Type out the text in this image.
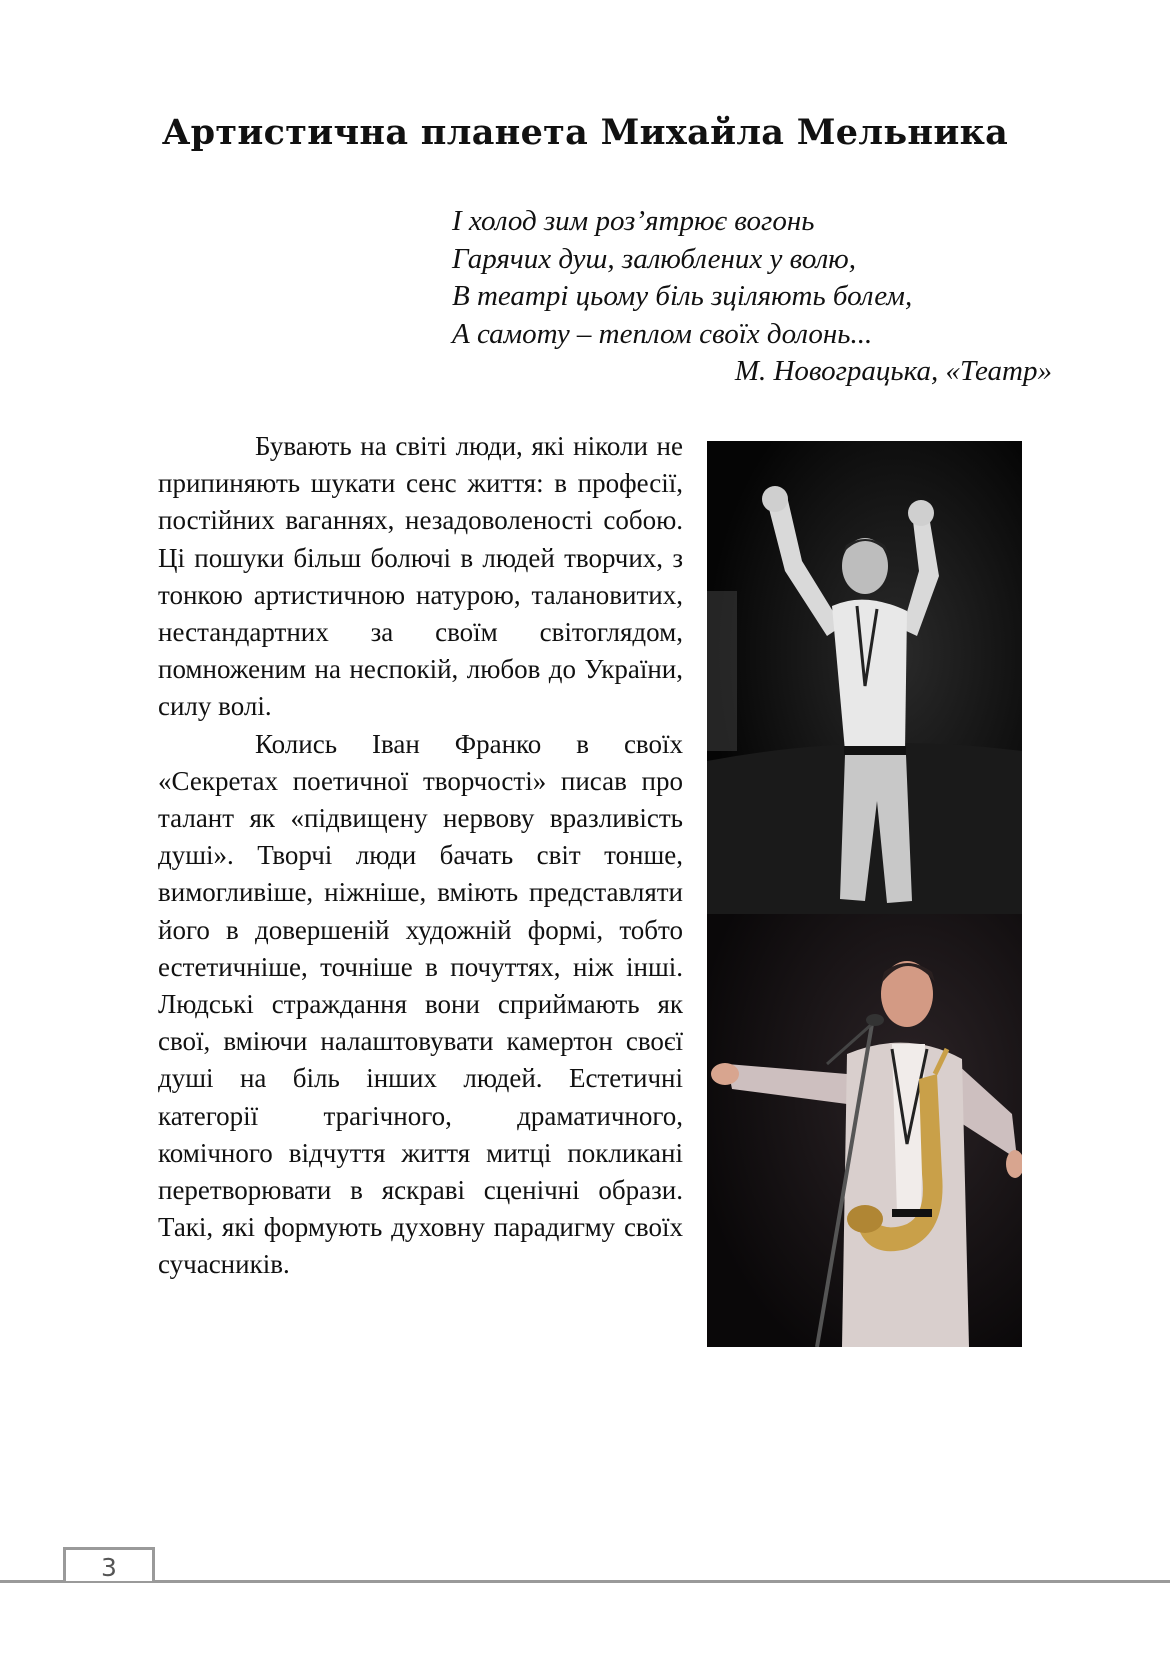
Артистична планета Михайла Мельника
І холод зим роз’ятрює вогонь
Гарячих душ, залюблених у волю,
В театрі цьому біль зціляють болем,
А самоту – теплом своїх долонь...
М. Новограцька, «Театр»

Бувають на світі люди, які ніколи не припиняють шукати сенс життя: в професії, постійних ваганнях, незадоволеності собою. Ці пошуки більш болючі в людей творчих, з тонкою артистичною натурою, талановитих, нестандартних за своїм світоглядом, помноженим на неспокій, любов до України, силу волі.

Колись Іван Франко в своїх «Секретах поетичної творчості» писав про талант як «підвищену нервову вразливість душі». Творчі люди бачать світ тонше, вимогливіше, ніжніше, вміють представляти його в довершеній художній формі, тобто естетичніше, точніше в почуттях, ніж інші. Людські страждання вони сприймають як свої, вміючи налаштовувати камертон своєї душі на біль інших людей. Естетичні категорії трагічного, драматичного, комічного відчуття життя митці покликані перетворювати в яскраві сценічні образи. Такі, які формують духовну парадигму своїх сучасників.

3
